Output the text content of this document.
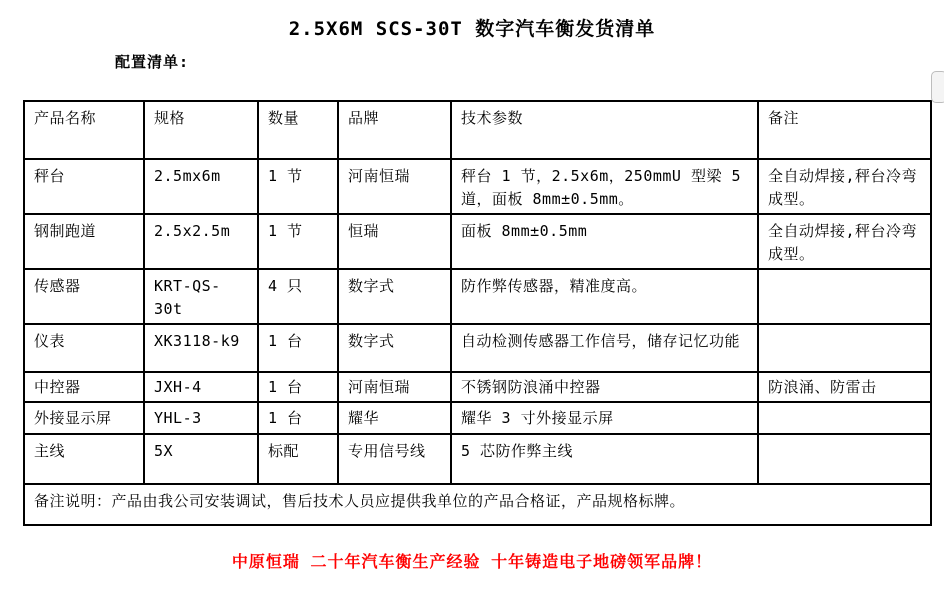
2.5X6M SCS-30T 数字汽车衡发货清单
配置清单:
产品名称	规格	数量	品牌	技术参数	备注
秤台	2.5mx6m	1 节	河南恒瑞	秤台 1 节，2.5x6m，250mmU 型梁 5 道，面板 8mm±0.5mm。	全自动焊接,秤台冷弯成型。
钢制跑道	2.5x2.5m	1 节	恒瑞	面板 8mm±0.5mm	全自动焊接,秤台冷弯成型。
传感器	KRT-QS-30t	4 只	数字式	防作弊传感器，精准度高。	
仪表	XK3118-k9	1 台	数字式	自动检测传感器工作信号，储存记忆功能	
中控器	JXH-4	1 台	河南恒瑞	不锈钢防浪涌中控器	防浪涌、防雷击
外接显示屏	YHL-3	1 台	耀华	耀华 3 寸外接显示屏	
主线	5X	标配	专用信号线	5 芯防作弊主线	
备注说明：产品由我公司安装调试，售后技术人员应提供我单位的产品合格证，产品规格标牌。					
中原恒瑞 二十年汽车衡生产经验 十年铸造电子地磅领军品牌！
